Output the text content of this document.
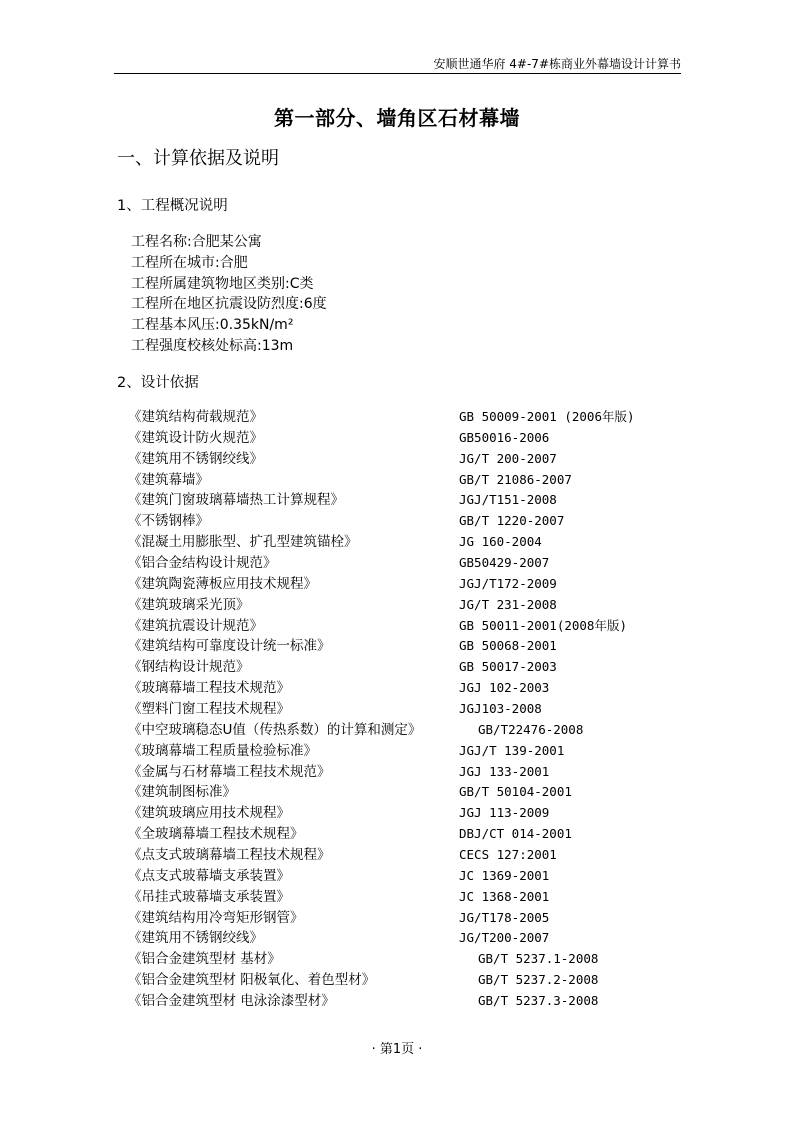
安顺世通华府 4#-7#栋商业外幕墙设计计算书
第一部分、墙角区石材幕墙
一、计算依据及说明
1、工程概况说明
工程名称:合肥某公寓
工程所在城市:合肥
工程所属建筑物地区类别:C类
工程所在地区抗震设防烈度:6度
工程基本风压:0.35kN/m²
工程强度校核处标高:13m
2、设计依据
《建筑结构荷载规范》	GB 50009-2001 (2006年版)
《建筑设计防火规范》	GB50016-2006
《建筑用不锈钢绞线》	JG/T 200-2007
《建筑幕墙》	GB/T 21086-2007
《建筑门窗玻璃幕墙热工计算规程》	JGJ/T151-2008
《不锈钢棒》	GB/T 1220-2007
《混凝土用膨胀型、扩孔型建筑锚栓》	JG 160-2004
《铝合金结构设计规范》	GB50429-2007
《建筑陶瓷薄板应用技术规程》	JGJ/T172-2009
《建筑玻璃采光顶》	JG/T 231-2008
《建筑抗震设计规范》	GB 50011-2001(2008年版)
《建筑结构可靠度设计统一标准》	GB 50068-2001
《钢结构设计规范》	GB 50017-2003
《玻璃幕墙工程技术规范》	JGJ 102-2003
《塑料门窗工程技术规程》	JGJ103-2008
《中空玻璃稳态U值（传热系数）的计算和测定》	GB/T22476-2008
《玻璃幕墙工程质量检验标准》	JGJ/T 139-2001
《金属与石材幕墙工程技术规范》	JGJ 133-2001
《建筑制图标准》	GB/T 50104-2001
《建筑玻璃应用技术规程》	JGJ 113-2009
《全玻璃幕墙工程技术规程》	DBJ/CT 014-2001
《点支式玻璃幕墙工程技术规程》	CECS 127:2001
《点支式玻幕墙支承装置》	JC 1369-2001
《吊挂式玻幕墙支承装置》	JC 1368-2001
《建筑结构用冷弯矩形钢管》	JG/T178-2005
《建筑用不锈钢绞线》	JG/T200-2007
《铝合金建筑型材 基材》	GB/T 5237.1-2008
《铝合金建筑型材 阳极氧化、着色型材》	GB/T 5237.2-2008
《铝合金建筑型材 电泳涂漆型材》	GB/T 5237.3-2008
· 第1页 ·
